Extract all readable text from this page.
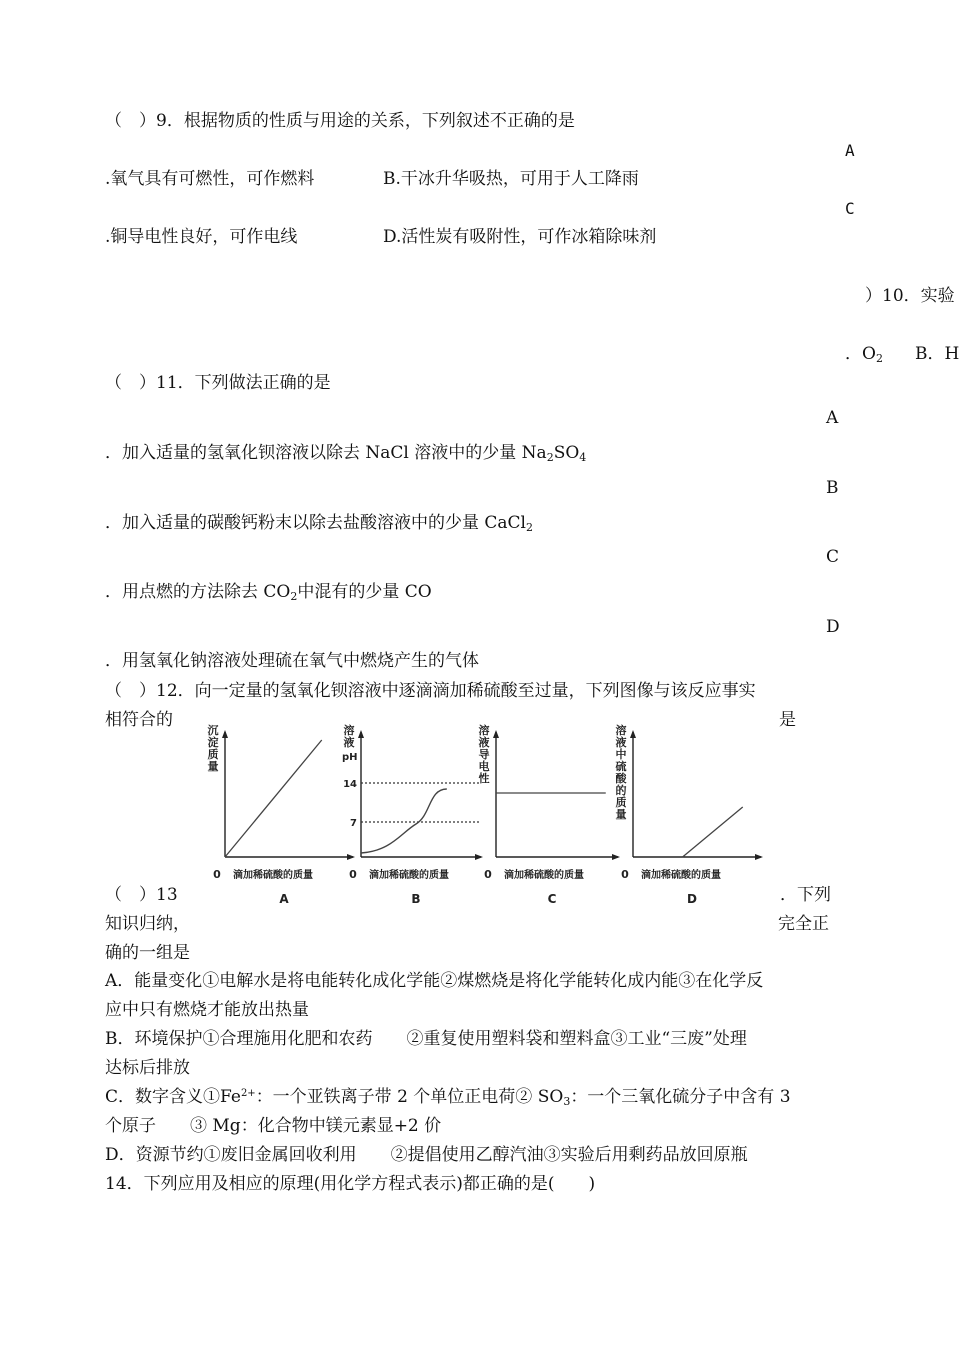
（　）9．根据物质的性质与用途的关系，下列叙述不正确的是
A
.氧气具有可燃性，可作燃料	B.干冰升华吸热，可用于人工降雨
C
.铜导电性良好，可作电线	D.活性炭有吸附性，可作冰箱除味剂
）10．实验
．$O_2$ B．H
（　）11．下列做法正确的是
A
．加入适量的氢氧化钡溶液以除去 NaCl 溶液中的少量 $Na_2SO_4$
B
．加入适量的碳酸钙粉末以除去盐酸溶液中的少量 CaCl$_2$
C
．用点燃的方法除去 $CO_2$中混有的少量 CO
D
．用氢氧化钠溶液处理硫在氧气中燃烧产生的气体
（　）12．向一定量的氢氧化钡溶液中逐滴滴加稀硫酸至过量，下列图像与该反应事实
相符合的	是
沉
淀
质
量
0 滴加稀硫酸的质量
A
溶
液
pH
0 滴加稀硫酸的质量
B
14
7
溶
液
导
电
性
0 滴加稀硫酸的质量
C
溶
液
中
硫
酸
的
质
量
0 滴加稀硫酸的质量
D
（　）13	．下列
知识归纳，	完全正
确的一组是
A．能量变化①电解水是将电能转化成化学能②煤燃烧是将化学能转化成内能③在化学反
应中只有燃烧才能放出热量
B．环境保护①合理施用化肥和农药　　②重复使用塑料袋和塑料盒③工业“三废”处理
达标后排放
C．数字含义$①Fe^{2+}$：一个亚铁离子带 2 个单位正电荷② $SO_3$：一个三氧化硫分子中含有 3
个原子　　③ Mg：化合物中镁元素显+2 价
D．资源节约①废旧金属回收利用　　②提倡使用乙醇汽油③实验后用剩药品放回原瓶
14．下列应用及相应的原理(用化学方程式表示)都正确的是(　　)
